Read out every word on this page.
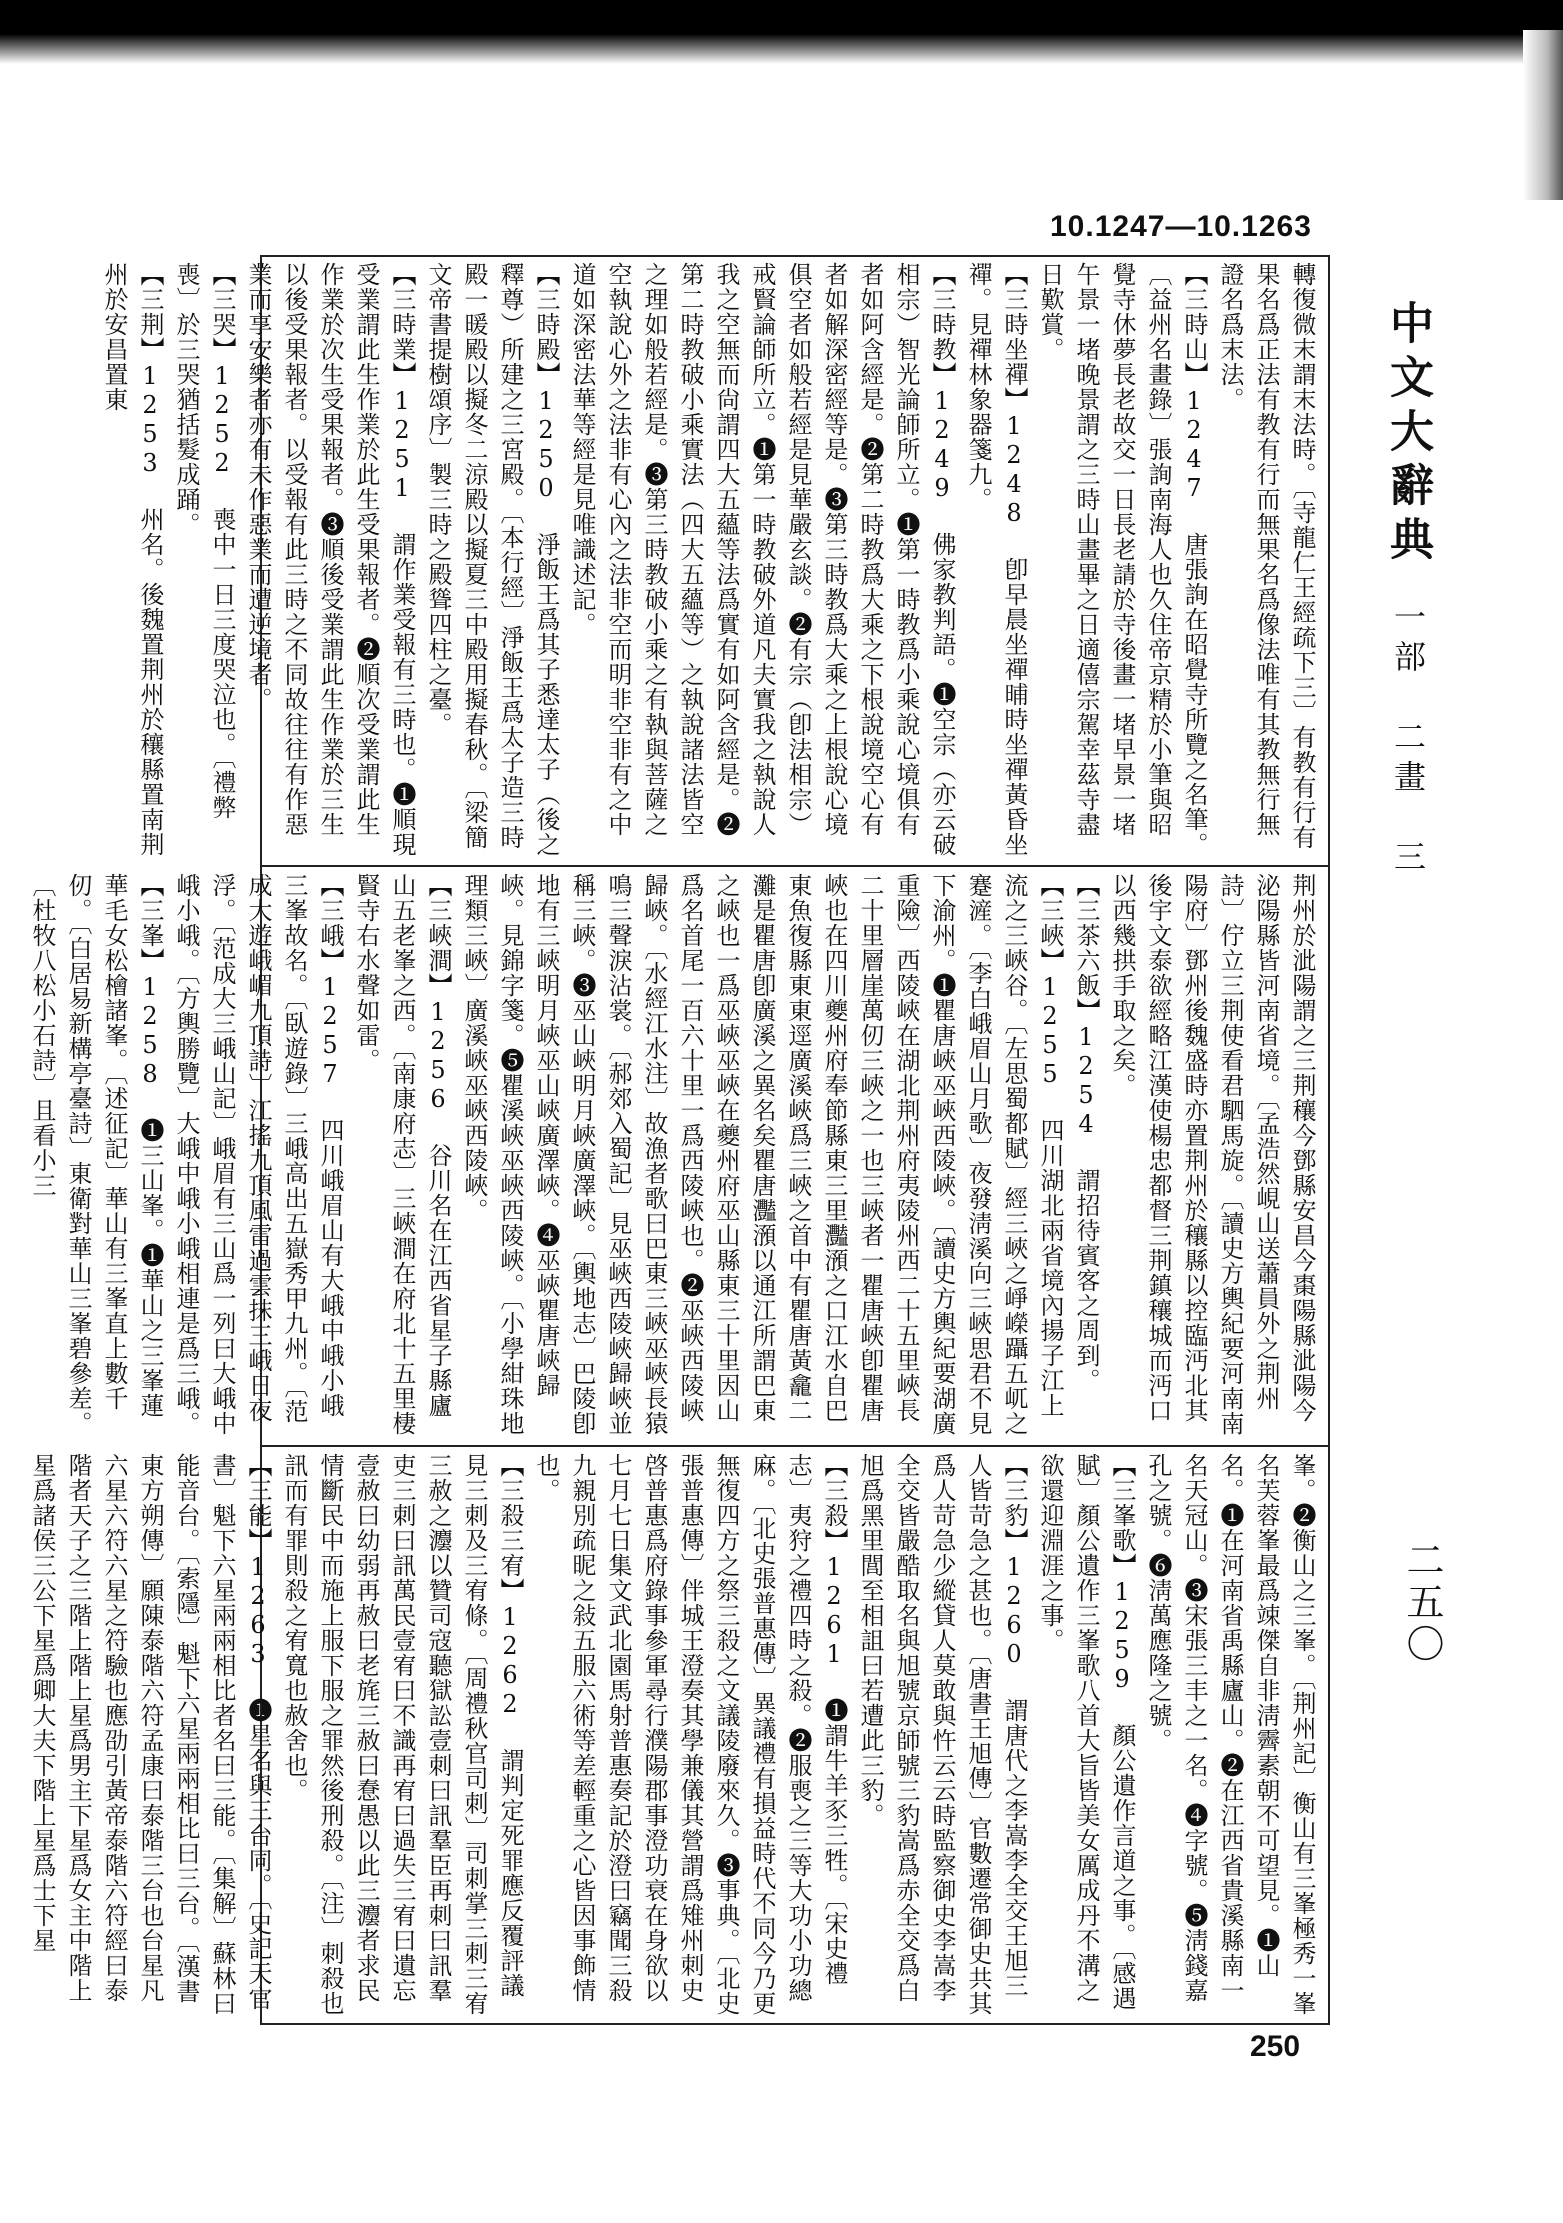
10.1247—10.1263
轉復微末謂末法時。〔寺龍仁王經疏下三〕有教有行有果名爲正法有教有行而無果名爲像法唯有其教無行無證名爲末法。
【三時山】1247 唐張詢在昭覺寺所覽之名筆。〔益州名畫錄〕張詢南海人也久住帝京精於小筆與昭覺寺休夢長老故交一日長老請於寺後畫一堵早景一堵午景一堵晚景謂之三時山畫畢之日適僖宗駕幸茲寺盡日歎賞。
【三時坐禪】1248 卽早晨坐禪晡時坐禪黃昏坐禪。見禪林象器箋九。
【三時教】1249 佛家教判語。❶空宗（亦云破相宗）智光論師所立。❶第一時教爲小乘說心境俱有者如阿含經是。❷第二時教爲大乘之下根說境空心有者如解深密經等是。❸第三時教爲大乘之上根說心境俱空者如般若經是見華嚴玄談。❷有宗（卽法相宗）戒賢論師所立。❶第一時教破外道凡夫實我之執說人我之空無而尙謂四大五蘊等法爲實有如阿含經是。❷第二時教破小乘實法（四大五蘊等）之執說諸法皆空之理如般若經是。❸第三時教破小乘之有執與菩薩之空執說心外之法非有心內之法非空而明非空非有之中道如深密法華等經是見唯識述記。
【三時殿】1250 淨飯王爲其子悉達太子（後之釋尊）所建之三宮殿。〔本行經〕淨飯王爲太子造三時殿一暖殿以擬冬二涼殿以擬夏三中殿用擬春秋。〔梁簡文帝書提樹頌序〕製三時之殿聳四柱之臺。
【三時業】1251 謂作業受報有三時也。❶順現受業謂此生作業於此生受果報者。❷順次受業謂此生作業於次生受果報者。❸順後受業謂此生作業於三生以後受果報者。以受報有此三時之不同故往往有作惡業而享安樂者亦有未作惡業而遭逆境者。
【三哭】1252 喪中一日三度哭泣也。〔禮弊喪〕於三哭猶括髮成踊。
【三荆】1253 州名。後魏置荆州於穰縣置南荆州於安昌置東
荆州於泚陽謂之三荆穰今鄧縣安昌今棗陽縣泚陽今泌陽縣皆河南省境。〔孟浩然峴山送蕭員外之荆州詩〕佇立三荆使看君駟馬旋。〔讀史方輿紀要河南南陽府〕鄧州後魏盛時亦置荆州於穰縣以控臨沔北其後宇文泰欲經略江漢使楊忠都督三荆鎮穰城而沔口以西幾拱手取之矣。
【三茶六飯】1254 謂招待賓客之周到。
【三峽】1255 四川湖北兩省境內揚子江上流之三峽谷。〔左思蜀都賦〕經三峽之崢嶸躡五屼之蹇滻。〔李白峨眉山月歌〕夜發淸溪向三峽思君不見下渝州。❶瞿唐峽巫峽西陵峽。〔讀史方輿紀要湖廣重險〕西陵峽在湖北荆州府夷陵州西二十五里峽長二十里層崖萬仞三峽之一也三峽者一瞿唐峽卽瞿唐峽也在四川夔州府奉節縣東三里灩澦之口江水自巴東魚復縣東東逕廣溪峽爲三峽之首中有瞿唐黃龕二灘是瞿唐卽廣溪之異名矣瞿唐灩澦以通江所謂巴東之峽也一爲巫峽巫峽在夔州府巫山縣東三十里因山爲名首尾一百六十里一爲西陵峽也。❷巫峽西陵峽歸峽。〔水經江水注〕故漁者歌曰巴東三峽巫峽長猿鳴三聲淚沾裳。〔郝郊入蜀記〕見巫峽西陵峽歸峽並稱三峽。❸巫山峽明月峽廣澤峽。〔輿地志〕巴陵卽地有三峽明月峽巫山峽廣澤峽。❹巫峽瞿唐峽歸峽。見錦字箋。❺瞿溪峽巫峽西陵峽。〔小學紺珠地理類三峽〕廣溪峽巫峽西陵峽。
【三峽澗】1256 谷川名在江西省星子縣廬山五老峯之西。〔南康府志〕三峽澗在府北十五里棲賢寺右水聲如雷。
【三峨】1257 四川峨眉山有大峨中峨小峨三峯故名。〔臥遊錄〕三峨高出五嶽秀甲九州。〔范成大遊峨嵋九頂詩〕江搖九頂風雷過雲抹三峨日夜浮。〔范成大三峨山記〕峨眉有三山爲一列曰大峨中峨小峨。〔方輿勝覽〕大峨中峨小峨相連是爲三峨。
【三峯】1258 ❶三山峯。❶華山之三峯蓮華毛女松檜諸峯。〔述征記〕華山有三峯直上數千仞。〔白居易新構亭臺詩〕東衛對華山三峯碧參差。〔杜牧八松小石詩〕且看小三
峯。❷衡山之三峯。〔荆州記〕衡山有三峯極秀一峯名芙蓉峯最爲竦傑自非淸霽素朝不可望見。❶山名。❶在河南省禹縣廬山。❷在江西省貴溪縣南一名天冠山。❸宋張三丰之一名。❹字號。❺淸錢嘉孔之號。❻淸萬應隆之號。
【三峯歌】1259 顏公遺作言道之事。〔感遇賦〕顏公遺作三峯歌八首大旨皆美女厲成丹不溝之欲還迎淵涯之事。
【三豹】1260 謂唐代之李嵩李全交王旭三人皆苛急之甚也。〔唐書王旭傳〕官數遷常御史共其爲人苛急少縱貸人莫敢與忤云云時監察御史李嵩李全交皆嚴酷取名與旭號京師號三豹嵩爲赤全交爲白旭爲黑里閭至相詛曰若遭此三豹。
【三殺】1261 ❶謂牛羊豕三牲。〔宋史禮志〕夷狩之禮四時之殺。❷服喪之三等大功小功總麻。〔北史張普惠傳〕異議禮有損益時代不同今乃更無復四方之祭三殺之文議陵廢來久。❸事典。〔北史張普惠傳〕伴城王澄奏其學兼儀其營謂爲雉州刺史啓普惠爲府錄事參軍尋行濮陽郡事澄功衰在身欲以七月七日集文武北園馬射普惠奏記於澄曰竊聞三殺九親別疏昵之敍五服六術等差輕重之心皆因事飾情也。
【三殺三宥】1262 謂判定死罪應反覆評議見三刺及三宥條。〔周禮秋官司刺〕司刺掌三刺三宥三赦之灋以贊司寇聽獄訟壹刺曰訊羣臣再刺曰訊羣吏三刺曰訊萬民壹宥曰不識再宥曰過失三宥曰遺忘壹赦曰幼弱再赦曰老旄三赦曰惷愚以此三灋者求民情斷民中而施上服下服之罪然後刑殺。〔注〕刺殺也訊而有罪則殺之宥寬也赦舍也。
【三能】1263 ❶星名與三台同。〔史記天官書〕魁下六星兩兩相比者名曰三能。〔集解〕蘇林曰能音台。〔索隱〕魁下六星兩兩相比曰三台。〔漢書東方朔傳〕願陳泰階六符孟康曰泰階三台也台星凡六星六符六星之符驗也應劭引黃帝泰階六符經曰泰階者天子之三階上階上星爲男主下星爲女主中階上星爲諸侯三公下星爲卿大夫下階上星爲士下星
中文大辭典
一部　二畫　三
二五〇
250
